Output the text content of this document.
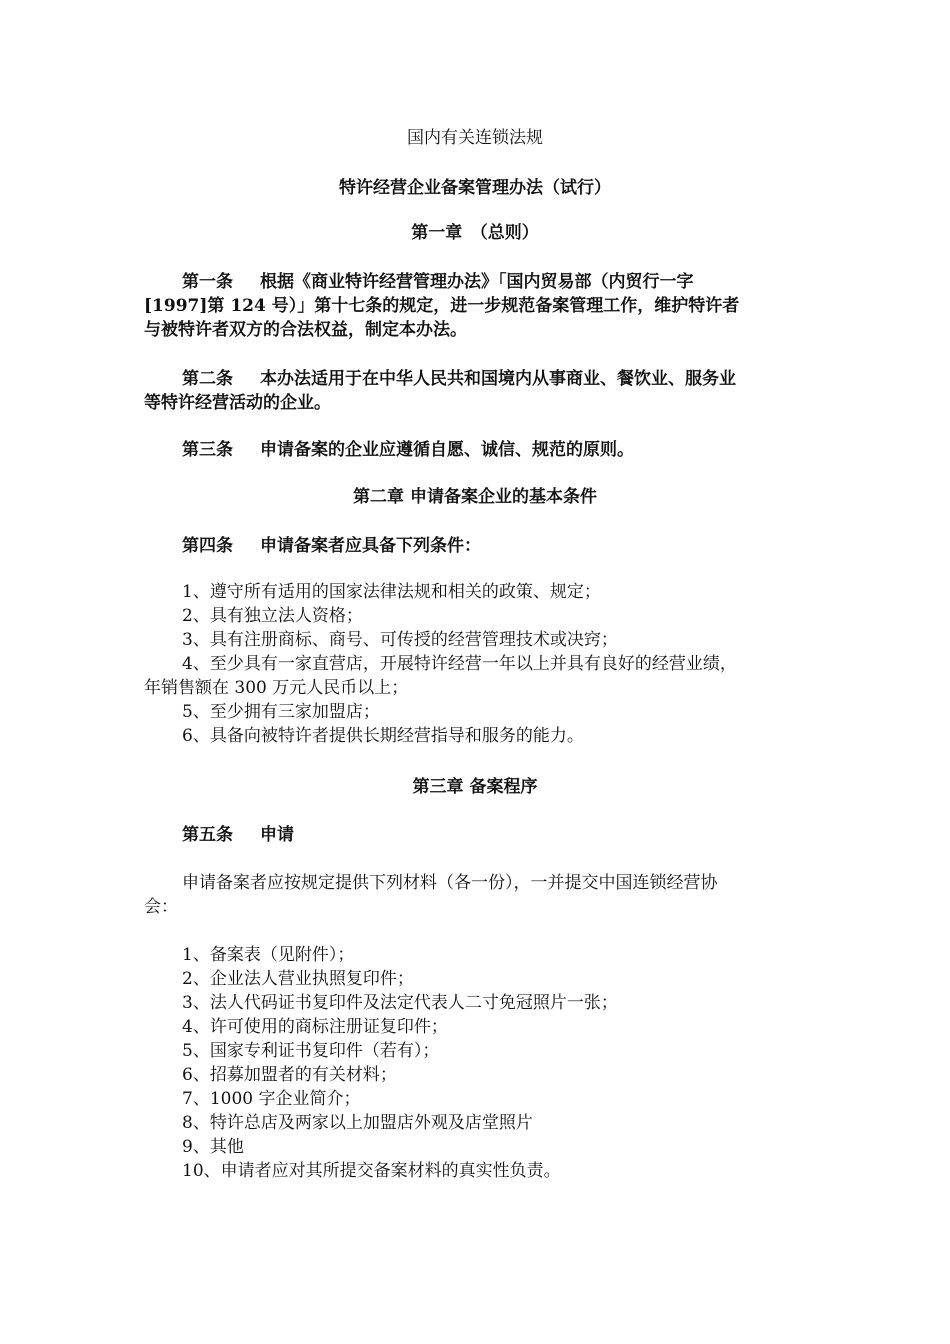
国内有关连锁法规
特许经营企业备案管理办法（试行）
第一章　（总则）
第一条 根据《商业特许经营管理办法》「国内贸易部（内贸行一字
[1997]第 124 号）」第十七条的规定，进一步规范备案管理工作，维护特许者
与被特许者双方的合法权益，制定本办法。
第二条 本办法适用于在中华人民共和国境内从事商业、餐饮业、服务业
等特许经营活动的企业。
第三条 申请备案的企业应遵循自愿、诚信、规范的原则。
第二章 申请备案企业的基本条件
第四条 申请备案者应具备下列条件：
1、遵守所有适用的国家法律法规和相关的政策、规定；
2、具有独立法人资格；
3、具有注册商标、商号、可传授的经营管理技术或决窍；
4、至少具有一家直营店，开展特许经营一年以上并具有良好的经营业绩，
年销售额在 300 万元人民币以上；
5、至少拥有三家加盟店；
6、具备向被特许者提供长期经营指导和服务的能力。
第三章 备案程序
第五条 申请
申请备案者应按规定提供下列材料（各一份），一并提交中国连锁经营协
会：
1、备案表（见附件）；
2、企业法人营业执照复印件；
3、法人代码证书复印件及法定代表人二寸免冠照片一张；
4、许可使用的商标注册证复印件；
5、国家专利证书复印件（若有）；
6、招募加盟者的有关材料；
7、1000 字企业简介；
8、特许总店及两家以上加盟店外观及店堂照片
9、其他
10、申请者应对其所提交备案材料的真实性负责。
